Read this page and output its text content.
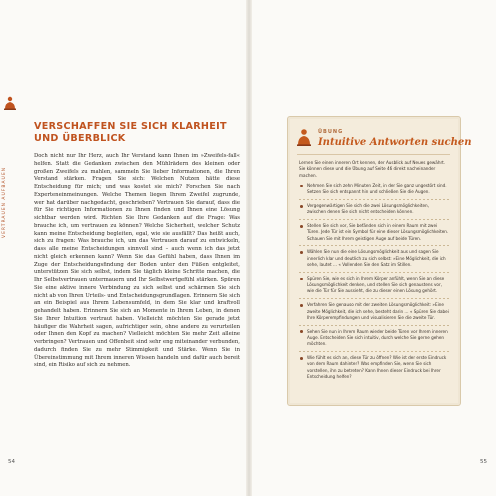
VERTRAUEN AUFBAUEN
VERSCHAFFEN SIE SICH KLARHEIT
UND ÜBERBLICK
Doch nicht nur Ihr Herz, auch Ihr Verstand kann Ihnen im »Zweifels-fall« helfen. Statt die Gedanken zwischen den Mühlrädern des kleinen oder großen Zweifels zu mahlen, sammeln Sie lieber Informationen, die Ihren Verstand stärken. Fragen Sie sich: Welchen Nutzen hätte diese Entscheidung für mich; und was kostet sie mich? Forschen Sie nach Experteneinmeinungen. Welche Themen liegen Ihrem Zweifel zugrunde, wer hat darüber nachgedacht, geschrieben? Vertrauen Sie darauf, dass die für Sie richtigen Informationen zu Ihnen finden und Ihnen eine Lösung sichtbar werden wird. Richten Sie Ihre Gedanken auf die Frage: Was brauche ich, um vertrauen zu können? Welche Sicherheit, welcher Schutz kann meine Entscheidung begleiten, egal, wie sie ausfällt? Das heißt auch, sich zu fragen: Was brauche ich, um das Vertrauen darauf zu entwickeln, dass alle meine Entscheidungen sinnvoll sind – auch wenn ich das jetzt nicht gleich erkennen kann? Wenn Sie das Gefühl haben, dass Ihnen im Zuge der Entscheidungsfindung der Boden unter den Füßen entgleitet, unterstützen Sie sich selbst, indem Sie täglich kleine Schritte machen, die Ihr Selbstvertrauen untermauern und Ihr Selbstwertgefühl stärken. Spüren Sie eine aktive innere Verbindung zu sich selbst und schärmen Sie sich nicht ab von Ihren Urteils- und Entscheidungsgrundlagen. Erinnern Sie sich an ein Beispiel aus Ihrem Lebensumfeld, in dem Sie klar und kraftvoll gehandelt haben. Erinnern Sie sich an Momente in Ihrem Leben, in denen Sie Ihrer Intuition vertraut haben. Vielleicht möchten Sie gerade jetzt häufiger die Wahrheit sagen, aufrichtiger sein, ohne andere zu verurteilen oder Ihnen den Kopf zu machen? Vielleicht möchten Sie mehr Zeit alleine verbringen? Vertrauen und Offenheit sind sehr eng miteinander verbunden, dadurch finden Sie zu mehr Stimmigkeit und Stärke. Wenn Sie in Übereinstimmung mit Ihrem inneren Wissen handeln und dafür auch bereit sind, ein Risiko auf sich zu nehmen.
54
ÜBUNG
Intuitive Antworten suchen

Lernen Sie einen inneren Ort kennen, der Ausblick auf Neues gewährt. Sie können diese und die Übung auf Seite 46 direkt nacheinander machen.

Nehmen Sie sich zehn Minuten Zeit, in der Sie ganz ungestört sind. Setzen Sie sich entspannt hin und schließen Sie die Augen.
Vergegenwärtigen Sie sich die zwei Lösungsmöglichkeiten, zwischen denen Sie sich nicht entscheiden können.
Stellen Sie sich vor, Sie befänden sich in einem Raum mit zwei Türen. Jede Tür ist ein Symbol für eine dieser Lösungsmöglichkeiten. Schauen Sie mit Ihrem geistigen Auge auf beide Türen.
Wählen Sie nun die eine Lösungsmöglichkeit aus und sagen Sie innerlich klar und deutlich zu sich selbst: »Eine Möglichkeit, die ich sehe, lautet … « Vollenden Sie den Satz im Stillen.
Spüren Sie, wie es sich in Ihrem Körper anfühlt, wenn Sie an diese Lösungsmöglichkeit denken, und stellen Sie sich genaustens vor, wie die Tür für Sie aussieht, die zu dieser einen Lösung gehört.
Verfahren Sie genauso mit der zweiten Lösungsmöglichkeit: »Eine zweite Möglichkeit, die ich sehe, besteht darin … « Spüren Sie dabei Ihre Körperempfindungen und visualisieren Sie die zweite Tür.
Sehen Sie nun in Ihrem Raum wieder beide Türen vor Ihrem inneren Auge. Entscheiden Sie sich intuitiv, durch welche Sie gerne gehen möchten.
Wie fühlt es sich an, diese Tür zu öffnen? Wie ist der erste Eindruck von dem Raum dahinter? Was empfinden Sie, wenn Sie sich vorstellen, ihn zu betreten? Kann Ihnen dieser Eindruck bei Ihrer Entscheidung helfen?
55
